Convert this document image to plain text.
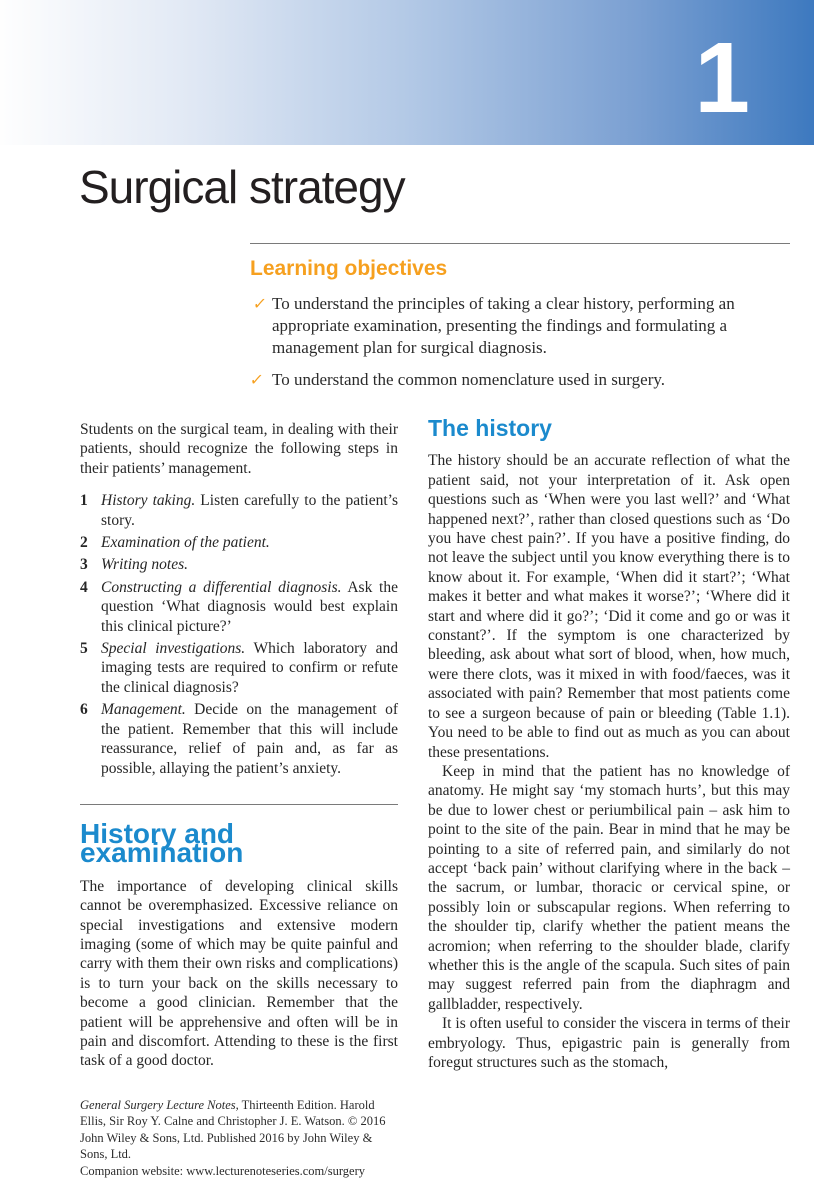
1
Surgical strategy
Learning objectives
✓ To understand the principles of taking a clear history, performing an appropriate examination, presenting the findings and formulating a management plan for surgical diagnosis.
✓ To understand the common nomenclature used in surgery.

Students on the surgical team, in dealing with their patients, should recognize the following steps in their patients’ management.

1 History taking. Listen carefully to the patient’s story.
2 Examination of the patient.
3 Writing notes.
4 Constructing a differential diagnosis. Ask the question ‘What diagnosis would best explain this clinical picture?’
5 Special investigations. Which laboratory and imaging tests are required to confirm or refute the clinical diagnosis?
6 Management. Decide on the management of the patient. Remember that this will include reassurance, relief of pain and, as far as possible, allaying the patient’s anxiety.
History and examination

The importance of developing clinical skills cannot be overemphasized. Excessive reliance on special investigations and extensive modern imaging (some of which may be quite painful and carry with them their own risks and complications) is to turn your back on the skills necessary to become a good clinician. Remember that the patient will be apprehensive and often will be in pain and discomfort. Attending to these is the first task of a good doctor.

General Surgery Lecture Notes, Thirteenth Edition. Harold Ellis, Sir Roy Y. Calne and Christopher J. E. Watson. © 2016 John Wiley & Sons, Ltd. Published 2016 by John Wiley & Sons, Ltd.

Companion website: www.lecturenoteseries.com/surgery

The history

The history should be an accurate reflection of what the patient said, not your interpretation of it. Ask open questions such as ‘When were you last well?’ and ‘What happened next?’, rather than closed questions such as ‘Do you have chest pain?’. If you have a positive finding, do not leave the subject until you know everything there is to know about it. For example, ‘When did it start?’; ‘What makes it better and what makes it worse?’; ‘Where did it start and where did it go?’; ‘Did it come and go or was it constant?’. If the symptom is one characterized by bleeding, ask about what sort of blood, when, how much, were there clots, was it mixed in with food/faeces, was it associated with pain? Remember that most patients come to see a surgeon because of pain or bleeding (Table 1.1). You need to be able to find out as much as you can about these presentations.

Keep in mind that the patient has no knowledge of anatomy. He might say ‘my stomach hurts’, but this may be due to lower chest or periumbilical pain – ask him to point to the site of the pain. Bear in mind that he may be pointing to a site of referred pain, and similarly do not accept ‘back pain’ without clarifying where in the back – the sacrum, or lumbar, thoracic or cervical spine, or possibly loin or subscapular regions. When referring to the shoulder tip, clarify whether the patient means the acromion; when referring to the shoulder blade, clarify whether this is the angle of the scapula. Such sites of pain may suggest referred pain from the diaphragm and gallbladder, respectively.

It is often useful to consider the viscera in terms of their embryology. Thus, epigastric pain is generally from foregut structures such as the stomach,
